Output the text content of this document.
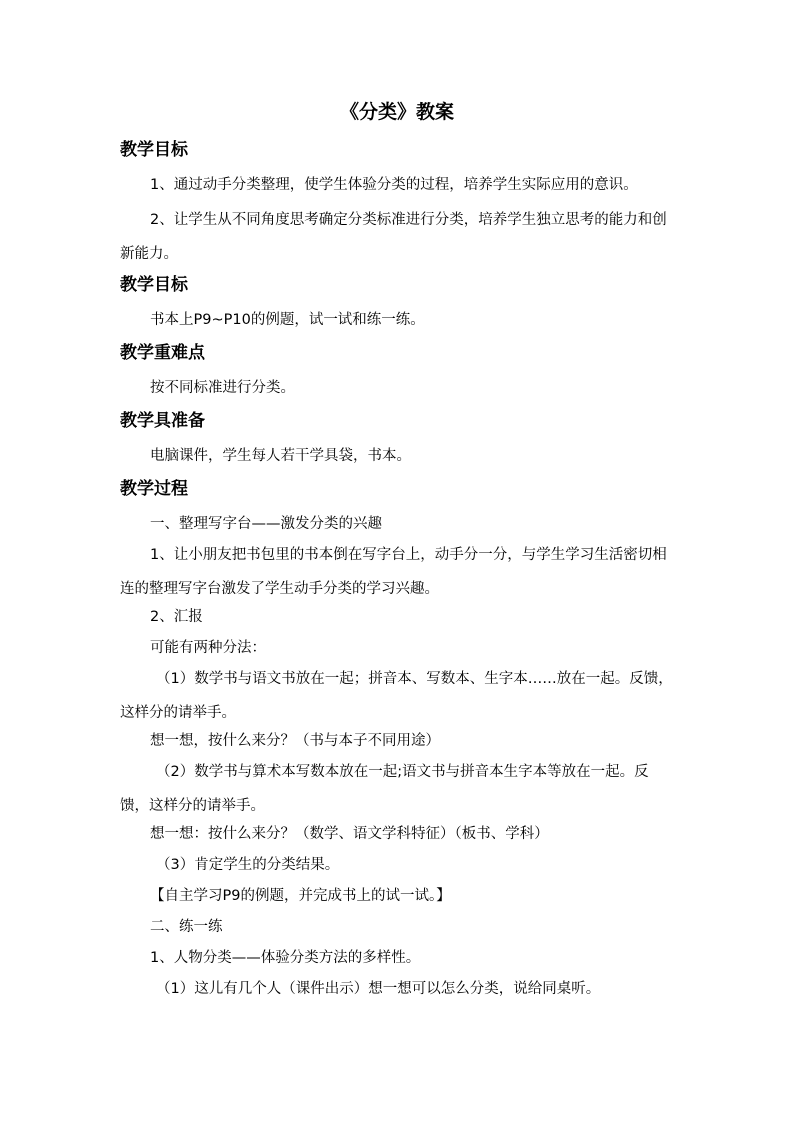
《分类》教案
教学目标
1、通过动手分类整理，使学生体验分类的过程，培养学生实际应用的意识。
2、让学生从不同角度思考确定分类标准进行分类，培养学生独立思考的能力和创新能力。
教学目标
书本上P9~P10的例题，试一试和练一练。
教学重难点
按不同标准进行分类。
教学具准备
电脑课件，学生每人若干学具袋，书本。
教学过程
一、整理写字台——激发分类的兴趣
1、让小朋友把书包里的书本倒在写字台上，动手分一分，与学生学习生活密切相连的整理写字台激发了学生动手分类的学习兴趣。
2、汇报
可能有两种分法：
（1）数学书与语文书放在一起；拼音本、写数本、生字本……放在一起。反馈，这样分的请举手。
想一想，按什么来分？（书与本子不同用途）
（2）数学书与算术本写数本放在一起;语文书与拼音本生字本等放在一起。反馈，这样分的请举手。
想一想：按什么来分？（数学、语文学科特征）（板书、学科）
（3）肯定学生的分类结果。
【自主学习P9的例题，并完成书上的试一试。】
二、练一练
1、人物分类——体验分类方法的多样性。
（1）这儿有几个人（课件出示）想一想可以怎么分类，说给同桌听。
